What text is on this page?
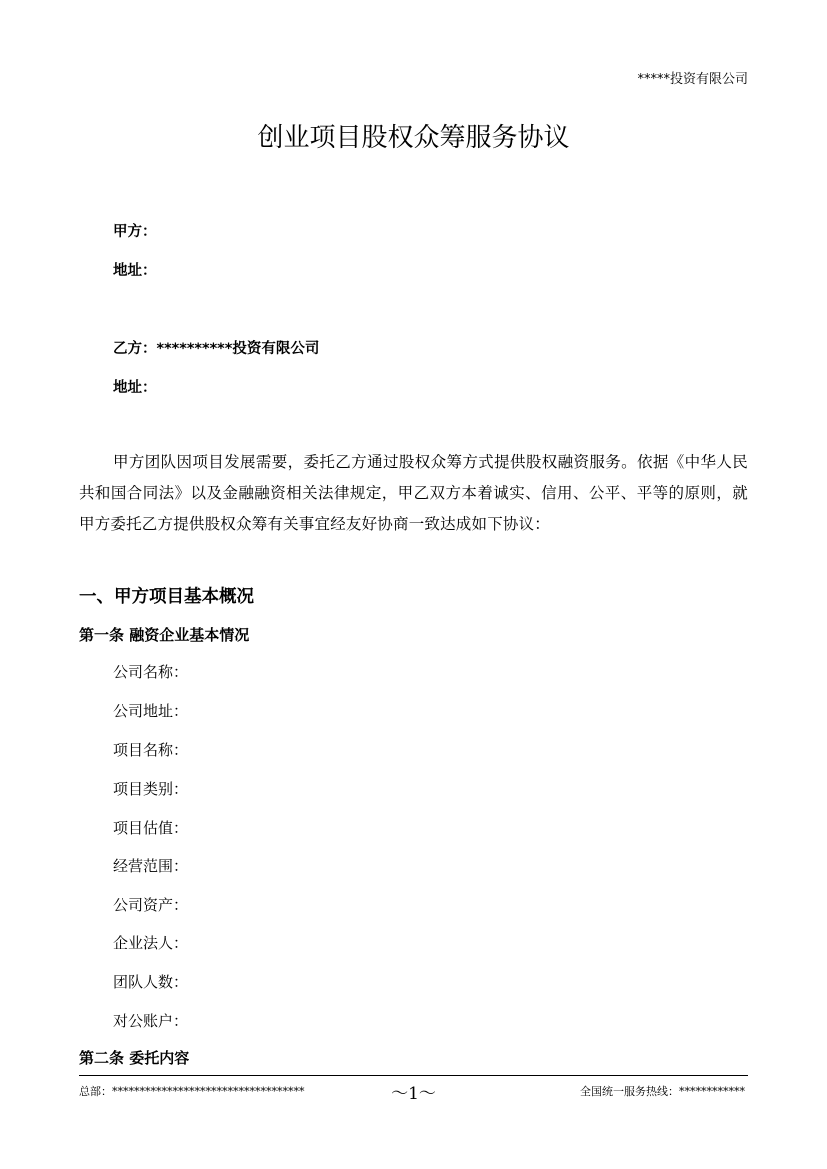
*****投资有限公司
创业项目股权众筹服务协议
甲方：
地址：
乙方：**********投资有限公司
地址：
甲方团队因项目发展需要，委托乙方通过股权众筹方式提供股权融资服务。依据《中华人民共和国合同法》以及金融融资相关法律规定，甲乙双方本着诚实、信用、公平、平等的原则，就甲方委托乙方提供股权众筹有关事宜经友好协商一致达成如下协议：
一、甲方项目基本概况
第一条 融资企业基本情况
公司名称：
公司地址：
项目名称：
项目类别：
项目估值：
经营范围：
公司资产：
企业法人：
团队人数：
对公账户：
第二条 委托内容
总部：***********************************	～1～	全国统一服务热线：************
